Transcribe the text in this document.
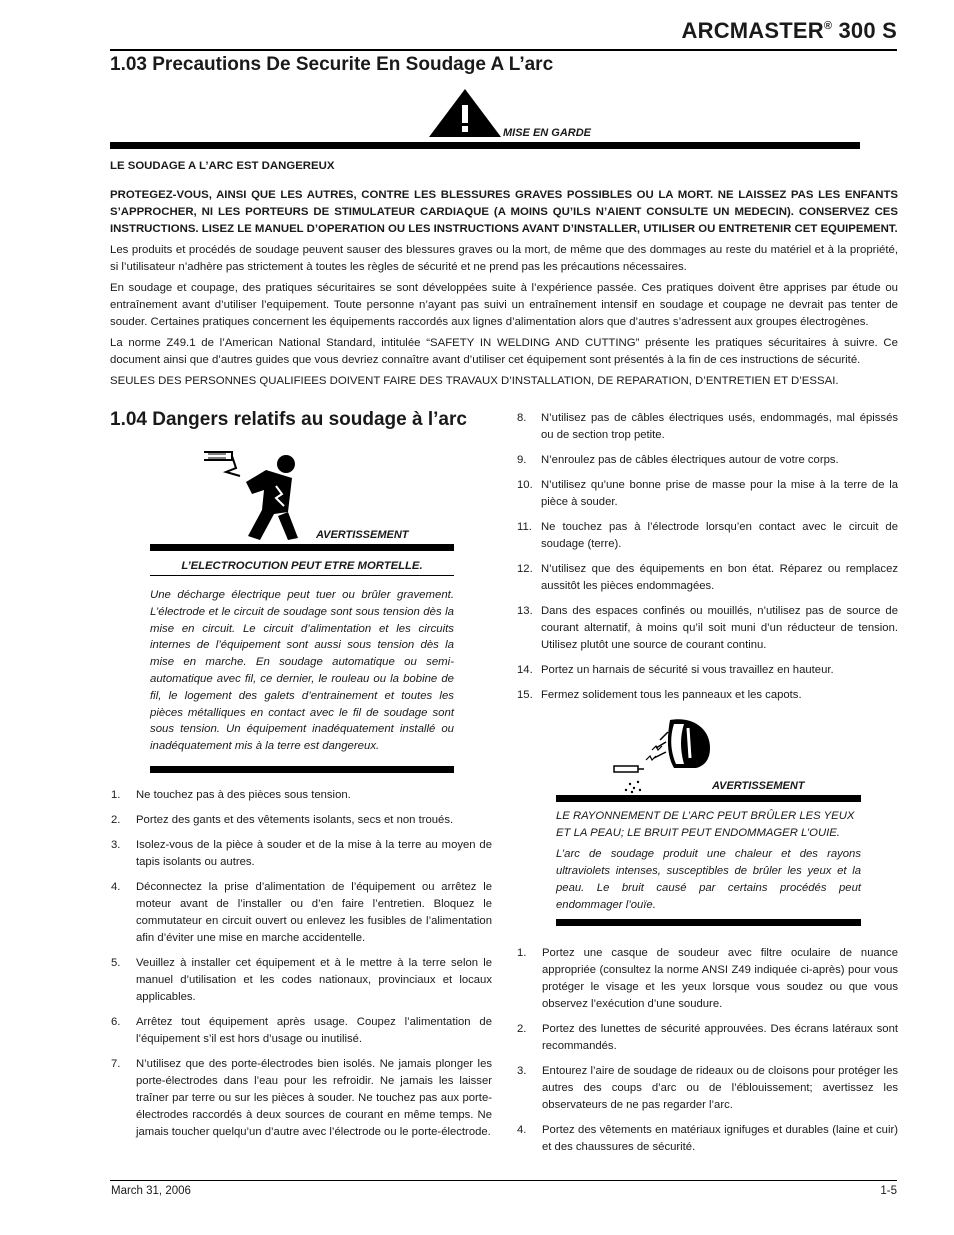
ARCMASTER® 300 S
1.03 Precautions De Securite En Soudage A L’arc
MISE EN GARDE

LE SOUDAGE A L’ARC EST DANGEREUX

PROTEGEZ-VOUS, AINSI QUE LES AUTRES, CONTRE LES BLESSURES GRAVES POSSIBLES OU LA MORT. NE LAISSEZ PAS LES ENFANTS S’APPROCHER, NI LES PORTEURS DE STIMULATEUR CARDIAQUE (A MOINS QU’ILS N’AIENT CONSULTE UN MEDECIN). CONSERVEZ CES INSTRUCTIONS. LISEZ LE MANUEL D’OPERATION OU LES INSTRUCTIONS AVANT D’INSTALLER, UTILISER OU ENTRETENIR CET EQUIPEMENT.

Les produits et procédés de soudage peuvent sauser des blessures graves ou la mort, de même que des dommages au reste du matériel et à la propriété, si l’utilisateur n’adhère pas strictement à toutes les règles de sécurité et ne prend pas les précautions nécessaires.

En soudage et coupage, des pratiques sécuritaires se sont développées suite à l’expérience passée. Ces pratiques doivent être apprises par étude ou entraînement avant d’utiliser l’equipement. Toute personne n’ayant pas suivi un entraînement intensif en soudage et coupage ne devrait pas tenter de souder. Certaines pratiques concernent les équipements raccordés aux lignes d’alimentation alors que d’autres s’adressent aux groupes électrogènes.

La norme Z49.1 de l’American National Standard, intitulée “SAFETY IN WELDING AND CUTTING” présente les pratiques sécuritaires à suivre. Ce document ainsi que d’autres guides que vous devriez connaître avant d’utiliser cet équipement sont présentés à la fin de ces instructions de sécurité.

SEULES DES PERSONNES QUALIFIEES DOIVENT FAIRE DES TRAVAUX D’INSTALLATION, DE REPARATION, D’ENTRETIEN ET D’ESSAI.

1.04 Dangers relatifs au soudage à l’arc
AVERTISSEMENT
L’ELECTROCUTION PEUT ETRE MORTELLE.
Une décharge électrique peut tuer ou brûler gravement. L’électrode et le circuit de soudage sont sous tension dès la mise en circuit. Le circuit d’alimentation et les circuits internes de l’équipement sont aussi sous tension dès la mise en marche. En soudage automatique ou semi-automatique avec fil, ce dernier, le rouleau ou la bobine de fil, le logement des galets d’entrainement et toutes les pièces métalliques en contact avec le fil de soudage sont sous tension. Un équipement inadéquatement installé ou inadéquatement mis à la terre est dangereux.
1. Ne touchez pas à des pièces sous tension.
2. Portez des gants et des vêtements isolants, secs et non troués.
3. Isolez-vous de la pièce à souder et de la mise à la terre au moyen de tapis isolants ou autres.
4. Déconnectez la prise d’alimentation de l’équipement ou arrêtez le moteur avant de l’installer ou d’en faire l’entretien. Bloquez le commutateur en circuit ouvert ou enlevez les fusibles de l’alimentation afin d’éviter une mise en marche accidentelle.
5. Veuillez à installer cet équipement et à le mettre à la terre selon le manuel d’utilisation et les codes nationaux, provinciaux et locaux applicables.
6. Arrêtez tout équipement après usage. Coupez l’alimentation de l’équipement s’il est hors d’usage ou inutilisé.
7. N’utilisez que des porte-électrodes bien isolés. Ne jamais plonger les porte-électrodes dans l’eau pour les refroidir. Ne jamais les laisser traîner par terre ou sur les pièces à souder. Ne touchez pas aux porte-électrodes raccordés à deux sources de courant en même temps. Ne jamais toucher quelqu’un d’autre avec l’électrode ou le porte-électrode.
8. N’utilisez pas de câbles électriques usés, endommagés, mal épissés ou de section trop petite.
9. N’enroulez pas de câbles électriques autour de votre corps.
10. N’utilisez qu’une bonne prise de masse pour la mise à la terre de la pièce à souder.
11. Ne touchez pas à l’électrode lorsqu’en contact avec le circuit de soudage (terre).
12. N’utilisez que des équipements en bon état. Réparez ou remplacez aussitôt les pièces endommagées.
13. Dans des espaces confinés ou mouillés, n’utilisez pas de source de courant alternatif, à moins qu’il soit muni d’un réducteur de tension. Utilisez plutôt une source de courant continu.
14. Portez un harnais de sécurité si vous travaillez en hauteur.
15. Fermez solidement tous les panneaux et les capots.
AVERTISSEMENT
LE RAYONNEMENT DE L’ARC PEUT BRÛLER LES YEUX ET LA PEAU; LE BRUIT PEUT ENDOMMAGER L’OUIE.
L’arc de soudage produit une chaleur et des rayons ultraviolets intenses, susceptibles de brûler les yeux et la peau. Le bruit causé par certains procédés peut endommager l’ouïe.
1. Portez une casque de soudeur avec filtre oculaire de nuance appropriée (consultez la norme ANSI Z49 indiquée ci-après) pour vous protéger le visage et les yeux lorsque vous soudez ou que vous observez l’exécution d’une soudure.
2. Portez des lunettes de sécurité approuvées. Des écrans latéraux sont recommandés.
3. Entourez l’aire de soudage de rideaux ou de cloisons pour protéger les autres des coups d’arc ou de l’éblouissement; avertissez les observateurs de ne pas regarder l’arc.
4. Portez des vêtements en matériaux ignifuges et durables (laine et cuir) et des chaussures de sécurité.
March 31, 2006	1-5
